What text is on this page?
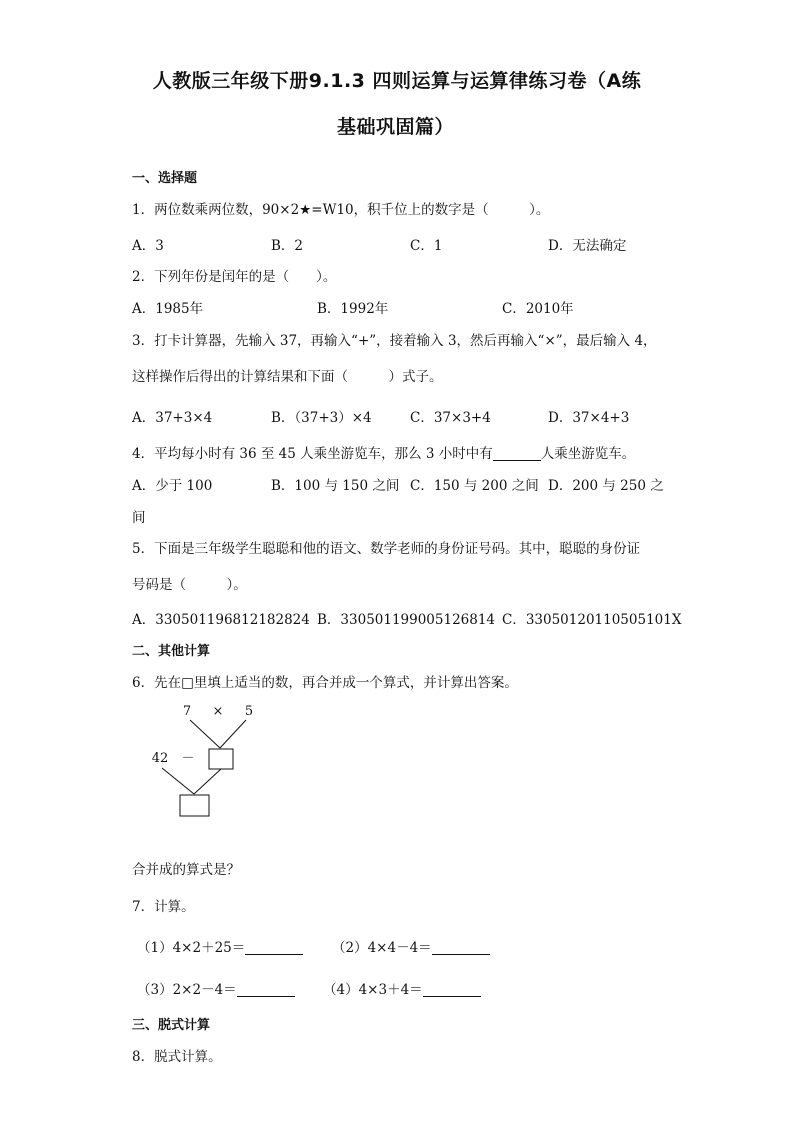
人教版三年级下册9.1.3 四则运算与运算律练习卷（A练
基础巩固篇）
一、选择题
1．两位数乘两位数，90×2★=W10，积千位上的数字是（　　　）。
A．3	B．2	C．1	D．无法确定
2．下列年份是闰年的是（　　）。
A．1985年	B．1992年	C．2010年
3．打卡计算器，先输入 37，再输入“+”，接着输入 3，然后再输入“×”，最后输入 4，
这样操作后得出的计算结果和下面（　　　）式子。
A．37+3×4	B．（37+3）×4	C．37×3+4	D．37×4+3
4．平均每小时有 36 至 45 人乘坐游览车，那么 3 小时中有	人乘坐游览车。
A．少于 100	B．100 与 150 之间 C．150 与 200 之间 D．200 与 250 之
间
5．下面是三年级学生聪聪和他的语文、数学老师的身份证号码。其中，聪聪的身份证
号码是（　　　）。
A．330501196812182824 B．330501199005126814 C．33050120110505101X
二、其他计算
6．先在□里填上适当的数，再合并成一个算式，并计算出答案。
7 × 5
42 －
合并成的算式是？
7．计算。
（1）4×2＋25＝	（2）4×4－4＝
（3）2×2－4＝	（4）4×3＋4＝
三、脱式计算
8．脱式计算。
